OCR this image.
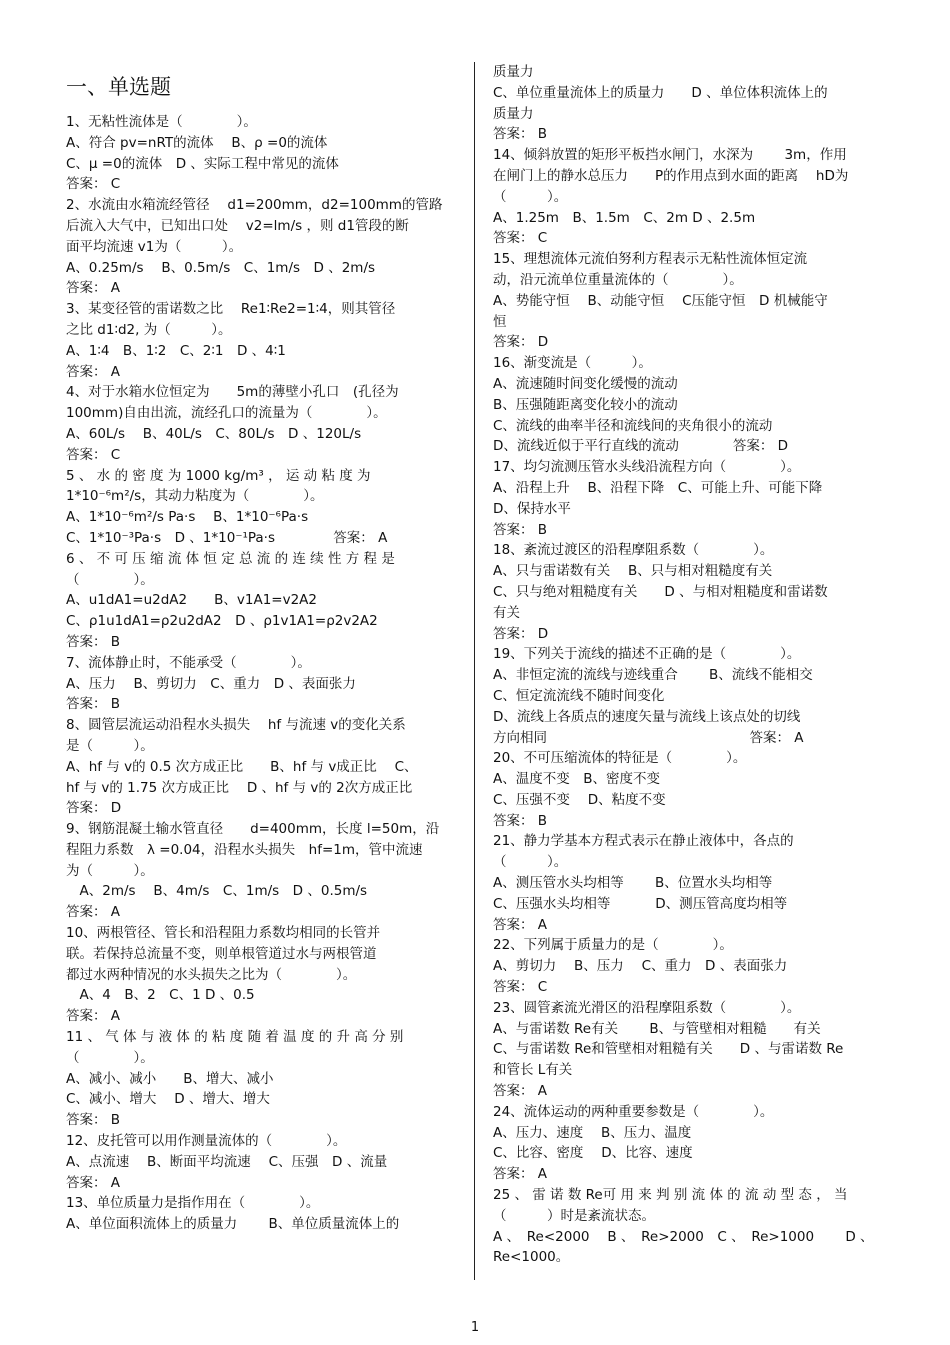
一、单选题
1、无粘性流体是（　　　　）。
A、符合 pv=nRT的流体　 B、ρ =0的流体
C、μ =0的流体　D 、实际工程中常见的流体
答案： C
2、水流由水箱流经管径　 d1=200mm，d2=100mm的管路
后流入大气中，已知出口处　 v2=lm/s ，则 d1管段的断
面平均流速 v1为（　　　）。
A、0.25m/s　 B、0.5m/s　C、1m/s　D 、2m/s
答案： A
3、某变径管的雷诺数之比　 Re1∶Re2=1∶4，则其管径
之比 d1∶d2, 为（　　　）。
A、1∶4　B、1∶2　C、2∶1　D 、4∶1
答案： A
4、对于水箱水位恒定为　　5m的薄壁小孔口　(孔径为
100mm)自由出流，流经孔口的流量为（　　　　）。
A、60L/s　 B、40L/s　C、80L/s　D 、120L/s
答案： C
5 、 水 的 密 度 为 1000 kg/m³ ， 运 动 粘 度 为
1*10⁻⁶m²/s，其动力粘度为（　　　　）。
A、1*10⁻⁶m²/s Pa·s　 B、1*10⁻⁶Pa·s
C、1*10⁻³Pa·s　D 、1*10⁻¹Pa·s　　　　 答案： A
6 、 不 可 压 缩 流 体 恒 定 总 流 的 连 续 性 方 程 是
（　　　　）。
A、u1dA1=u2dA2　　B、v1A1=v2A2
C、ρ1u1dA1=ρ2u2dA2　D 、ρ1v1A1=ρ2v2A2
答案： B
7、流体静止时，不能承受（　　　　）。
A、压力　 B、剪切力　C、重力　D 、表面张力
答案： B
8、圆管层流运动沿程水头损失　 hf 与流速 v的变化关系
是（　　　）。
A、hf 与 v的 0.5 次方成正比　　B、hf 与 v成正比　 C、
hf 与 v的 1.75 次方成正比　 D 、hf 与 v的 2次方成正比
答案： D
9、钢筋混凝土输水管直径　　d=400mm，长度 l=50m，沿
程阻力系数　λ =0.04，沿程水头损失　hf=1m，管中流速
为（　　　）。
　A、2m/s　 B、4m/s　C、1m/s　D 、0.5m/s
答案： A
10、两根管径、管长和沿程阻力系数均相同的长管并
联。若保持总流量不变，则单根管道过水与两根管道
都过水两种情况的水头损失之比为（　　　　）。
　A、4　B、2　C、1 D 、0.5
答案： A
11 、 气 体 与 液 体 的 粘 度 随 着 温 度 的 升 高 分 别
（　　　　）。
A、减小、减小　　B、增大、减小
C、减小、增大　 D 、增大、增大
答案： B
12、皮托管可以用作测量流体的（　　　　）。
A、点流速　 B、断面平均流速　 C、压强　D 、流量
答案： A
13、单位质量力是指作用在（　　　　）。
A、单位面积流体上的质量力　　 B、单位质量流体上的
质量力
C、单位重量流体上的质量力　　D 、单位体积流体上的
质量力
答案： B
14、倾斜放置的矩形平板挡水闸门，水深为　　 3m，作用
在闸门上的静水总压力　　P的作用点到水面的距离　 hD为
（　　　）。
A、1.25m　B、1.5m　C、2m D 、2.5m
答案： C
15、理想流体元流伯努利方程表示无粘性流体恒定流
动，沿元流单位重量流体的（　　　　）。
A、势能守恒　 B、动能守恒　 C压能守恒　D 机械能守
恒
答案： D
16、渐变流是（　　　）。
A、流速随时间变化缓慢的流动
B、压强随距离变化较小的流动
C、流线的曲率半径和流线间的夹角很小的流动
D、流线近似于平行直线的流动　　　　答案： D
17、均匀流测压管水头线沿流程方向（　　　　）。
A、沿程上升　 B、沿程下降　C、可能上升、可能下降
D、保持水平
答案： B
18、紊流过渡区的沿程摩阻系数（　　　　）。
A、只与雷诺数有关　 B、只与相对粗糙度有关
C、只与绝对粗糙度有关　　D 、与相对粗糙度和雷诺数
有关
答案： D
19、下列关于流线的描述不正确的是（　　　　）。
A、非恒定流的流线与迹线重合　　 B、流线不能相交
C、恒定流流线不随时间变化
D、流线上各质点的速度矢量与流线上该点处的切线
方向相同　　　　　　　　　　　　　　　答案： A
20、不可压缩流体的特征是（　　　　）。
A、温度不变　B、密度不变
C、压强不变　 D、粘度不变
答案： B
21、静力学基本方程式表示在静止液体中，各点的
（　　　）。
A、测压管水头均相等　　 B、位置水头均相等
C、压强水头均相等　　　 D、测压管高度均相等
答案： A
22、下列属于质量力的是（　　　　）。
A、剪切力　 B、压力　 C、重力　D 、表面张力
答案： C
23、圆管紊流光滑区的沿程摩阻系数（　　　　）。
A、与雷诺数 Re有关　　 B、与管壁相对粗糙　　有关
C、与雷诺数 Re和管壁相对粗糙有关　　D 、与雷诺数 Re
和管长 L有关
答案： A
24、流体运动的两种重要参数是（　　　　）。
A、压力、速度　 B、压力、温度
C、比容、密度　 D、比容、速度
答案： A
25 、 雷 诺 数 Re可 用 来 判 别 流 体 的 流 动 型 态 ， 当
（　　　）时是紊流状态。
A 、　Re<2000　 B 、　Re>2000　C 、　Re>1000　　 D 、
Re<1000。
1
